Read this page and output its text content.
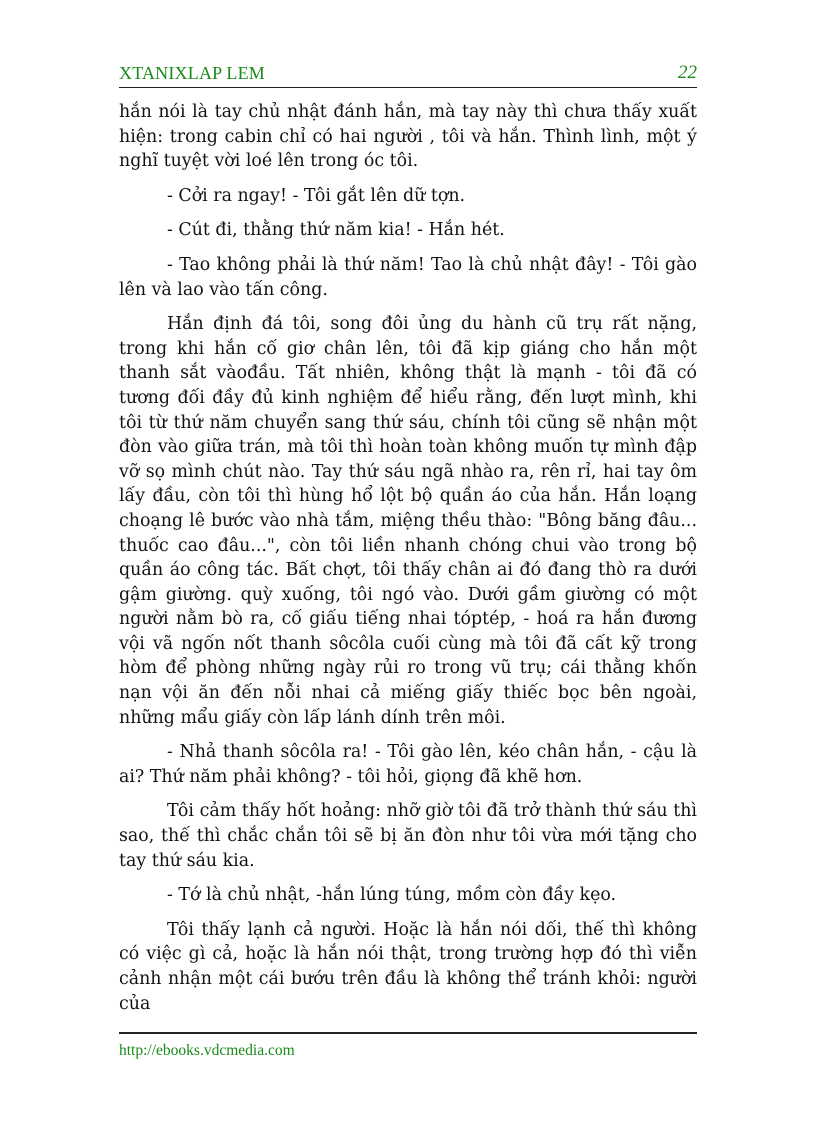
XTANIXLAP LEM	22

hắn nói là tay chủ nhật đánh hắn, mà tay này thì chưa thấy xuất hiện: trong cabin chỉ có hai người , tôi và hắn. Thình lình, một ý nghĩ tuyệt vời loé lên trong óc tôi.

- Cởi ra ngay! - Tôi gắt lên dữ tợn.

- Cút đi, thằng thứ năm kia! - Hắn hét.

- Tao không phải là thứ năm! Tao là chủ nhật đây! - Tôi gào lên và lao vào tấn công.

Hắn định đá tôi, song đôi ủng du hành cũ trụ rất nặng, trong khi hắn cố giơ chân lên, tôi đã kịp giáng cho hắn một thanh sắt vàođầu. Tất nhiên, không thật là mạnh - tôi đã có tương đối đầy đủ kinh nghiệm để hiểu rằng, đến lượt mình, khi tôi từ thứ năm chuyển sang thứ sáu, chính tôi cũng sẽ nhận một đòn vào giữa trán, mà tôi thì hoàn toàn không muốn tự mình đập vỡ sọ mình chút nào. Tay thứ sáu ngã nhào ra, rên rỉ, hai tay ôm lấy đầu, còn tôi thì hùng hổ lột bộ quần áo của hắn. Hắn loạng choạng lê bước vào nhà tắm, miệng thều thào: "Bông băng đâu... thuốc cao đâu...", còn tôi liền nhanh chóng chui vào trong bộ quần áo công tác. Bất chợt, tôi thấy chân ai đó đang thò ra dưới gậm giường. quỳ xuống, tôi ngó vào. Dưới gầm giường có một người nằm bò ra, cố giấu tiếng nhai tóptép, - hoá ra hắn đương vội vã ngốn nốt thanh sôcôla cuối cùng mà tôi đã cất kỹ trong hòm để phòng những ngày rủi ro trong vũ trụ; cái thằng khốn nạn vội ăn đến nỗi nhai cả miếng giấy thiếc bọc bên ngoài, những mẩu giấy còn lấp lánh dính trên môi.

- Nhả thanh sôcôla ra! - Tôi gào lên, kéo chân hắn, - cậu là ai? Thứ năm phải không? - tôi hỏi, giọng đã khẽ hơn.

Tôi cảm thấy hốt hoảng: nhỡ giờ tôi đã trở thành thứ sáu thì sao, thế thì chắc chắn tôi sẽ bị ăn đòn như tôi vừa mới tặng cho tay thứ sáu kia.

- Tớ là chủ nhật, -hắn lúng túng, mồm còn đầy kẹo.

Tôi thấy lạnh cả người. Hoặc là hắn nói dối, thế thì không có việc gì cả, hoặc là hắn nói thật, trong trường hợp đó thì viễn cảnh nhận một cái bướu trên đầu là không thể tránh khỏi: người của

http://ebooks.vdcmedia.com
